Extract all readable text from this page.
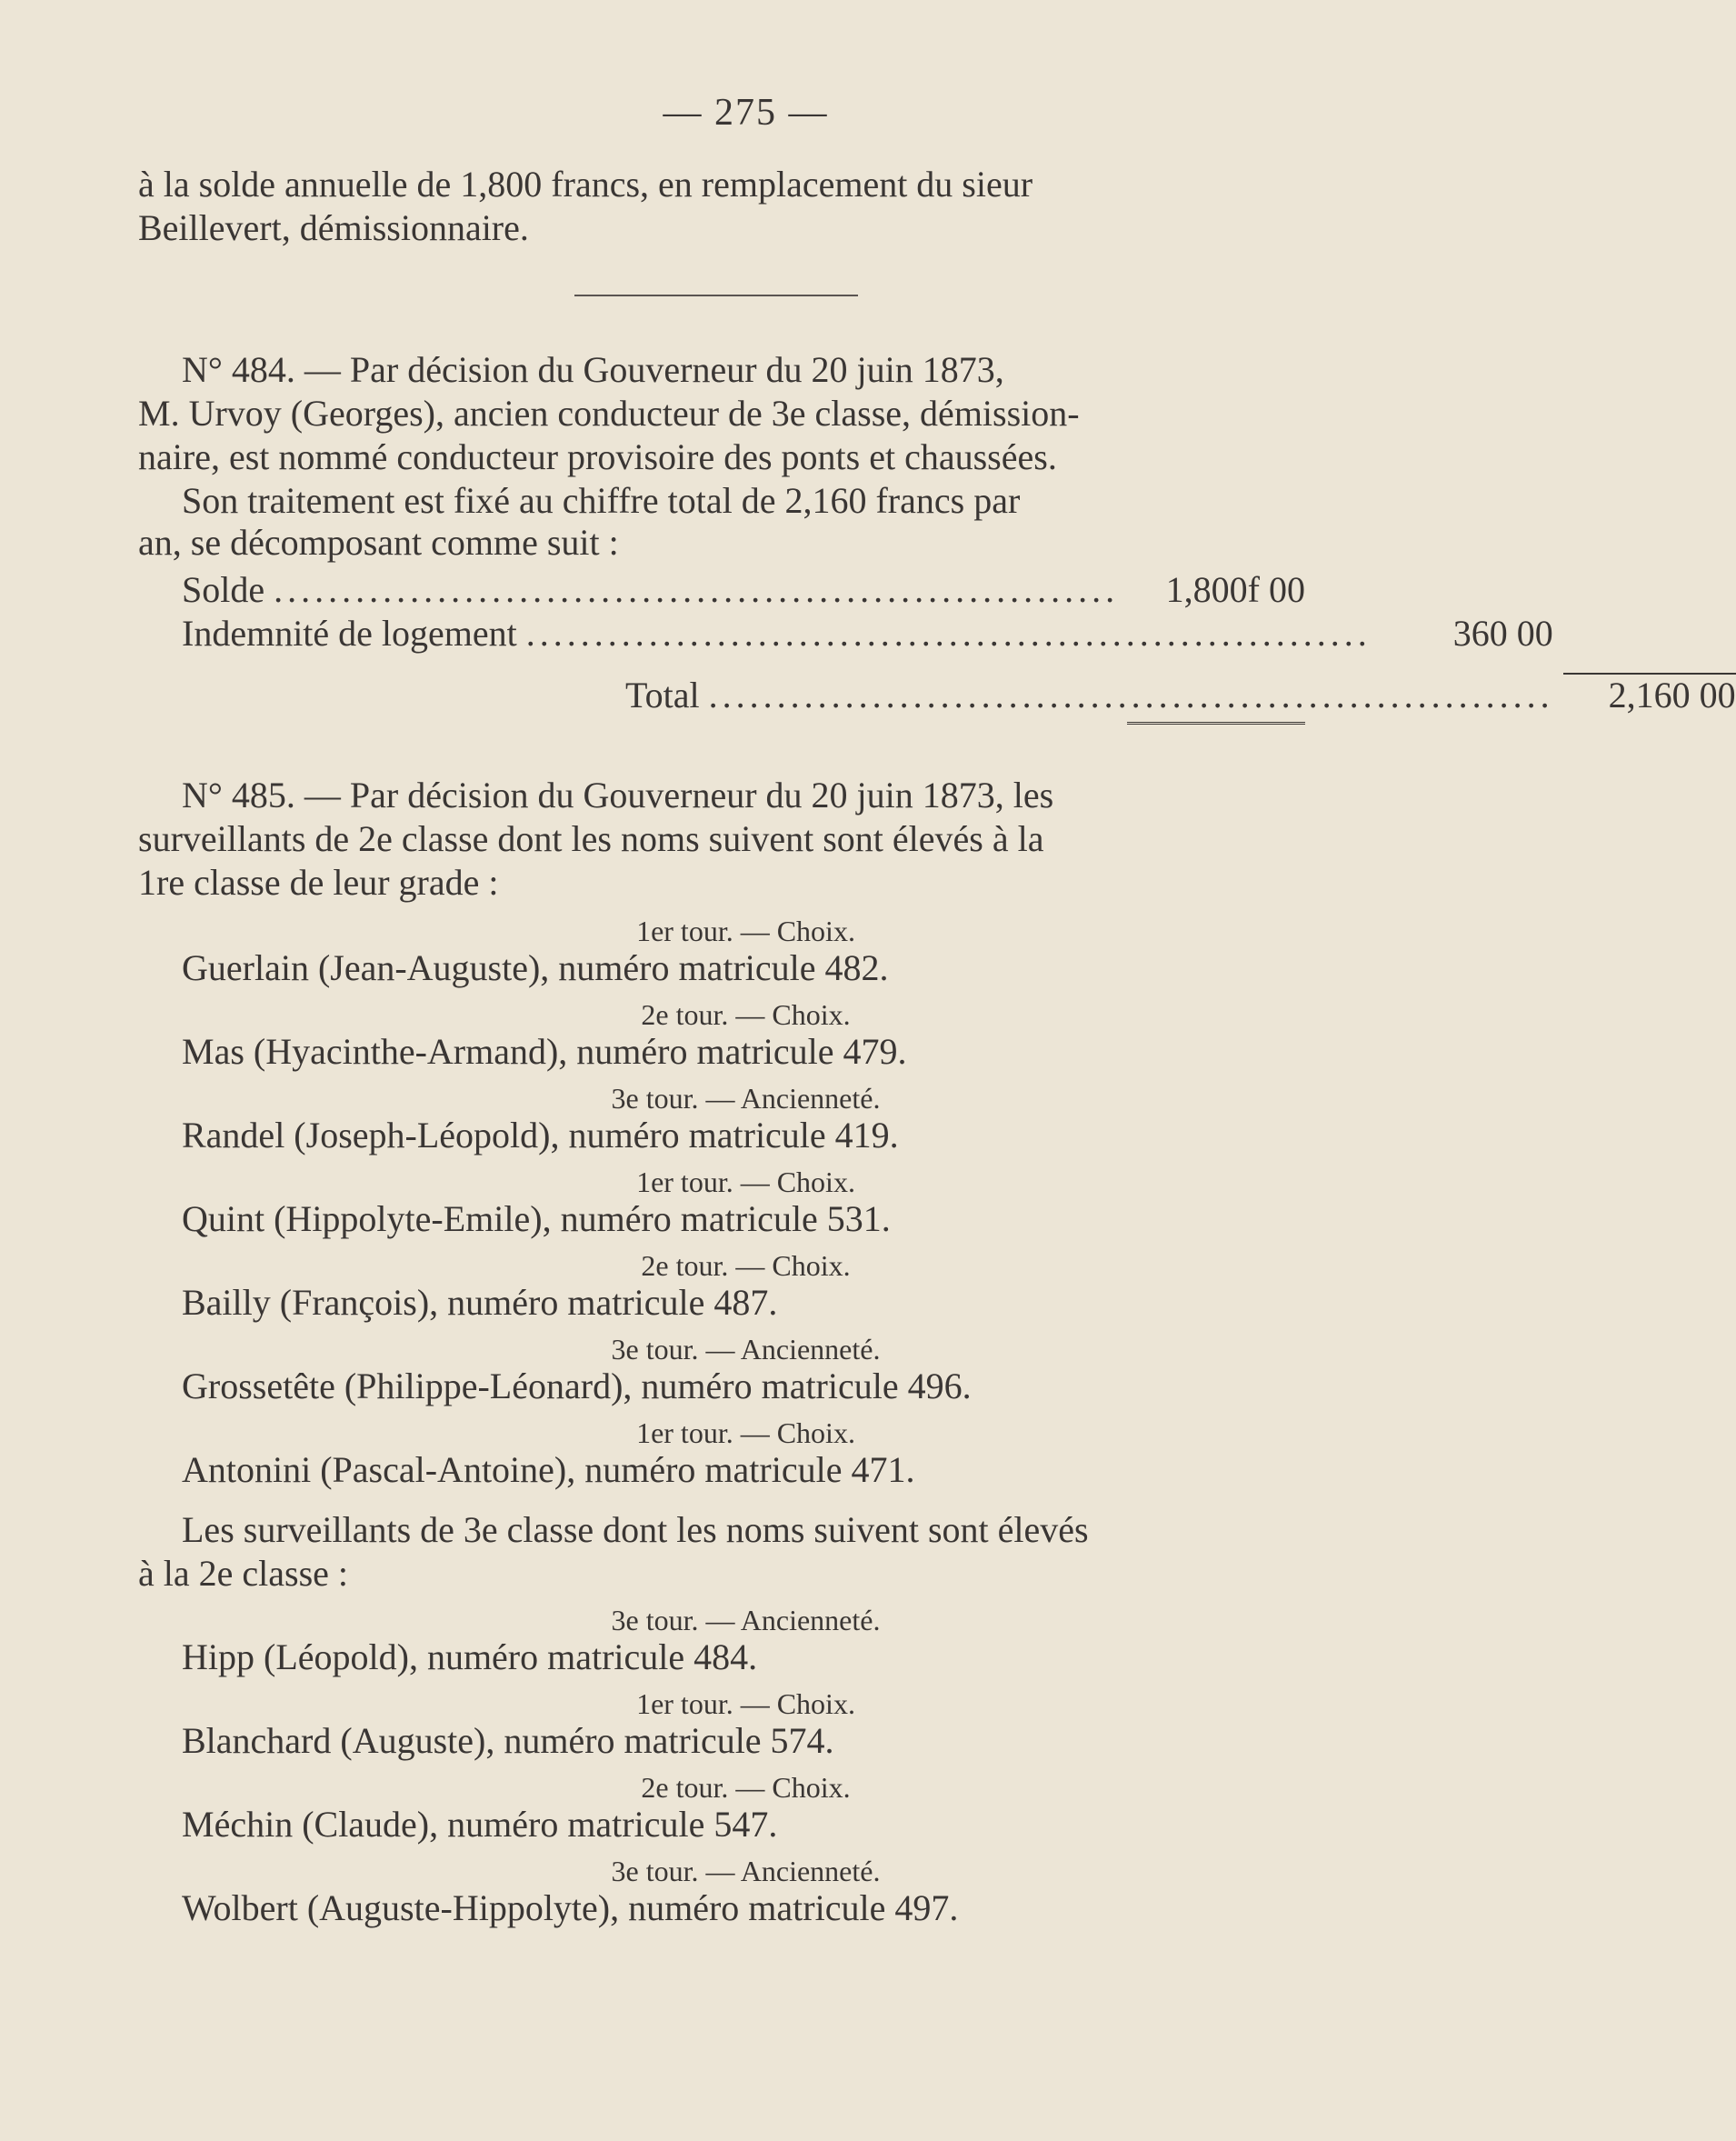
— 275 —
à la solde annuelle de 1,800 francs, en remplacement du sieur
Beillevert, démissionnaire.
N° 484. — Par décision du Gouverneur du 20 juin 1873,
M. Urvoy (Georges), ancien conducteur de 3e classe, démission-
naire, est nommé conducteur provisoire des ponts et chaussées.
Son traitement est fixé au chiffre total de 2,160 francs par
an, se décomposant comme suit :
Solde ..............................................................	1,800f 00
Indemnité de logement ..............................................................	360 00
Total ..............................................................	2,160 00
N° 485. — Par décision du Gouverneur du 20 juin 1873, les
surveillants de 2e classe dont les noms suivent sont élevés à la
1re classe de leur grade :
1er tour. — Choix.
Guerlain (Jean-Auguste), numéro matricule 482.
2e tour. — Choix.
Mas (Hyacinthe-Armand), numéro matricule 479.
3e tour. — Ancienneté.
Randel (Joseph-Léopold), numéro matricule 419.
1er tour. — Choix.
Quint (Hippolyte-Emile), numéro matricule 531.
2e tour. — Choix.
Bailly (François), numéro matricule 487.
3e tour. — Ancienneté.
Grossetête (Philippe-Léonard), numéro matricule 496.
1er tour. — Choix.
Antonini (Pascal-Antoine), numéro matricule 471.
Les surveillants de 3e classe dont les noms suivent sont élevés
à la 2e classe :
3e tour. — Ancienneté.
Hipp (Léopold), numéro matricule 484.
1er tour. — Choix.
Blanchard (Auguste), numéro matricule 574.
2e tour. — Choix.
Méchin (Claude), numéro matricule 547.
3e tour. — Ancienneté.
Wolbert (Auguste-Hippolyte), numéro matricule 497.
